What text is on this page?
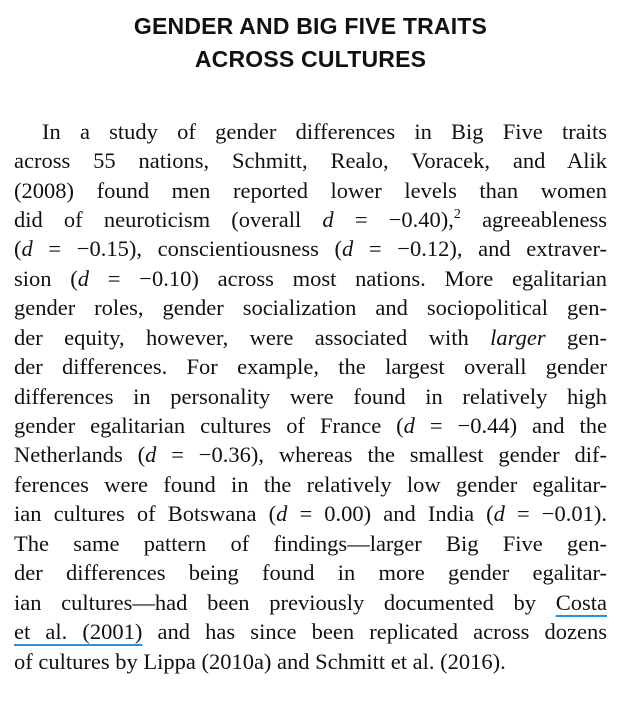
GENDER AND BIG FIVE TRAITS
ACROSS CULTURES
In a study of gender differences in Big Five traits
across 55 nations, Schmitt, Realo, Voracek, and Alik
(2008) found men reported lower levels than women
did of neuroticism (overall d = −0.40),$^2$ agreeableness
(d = −0.15), conscientiousness (d = −0.12), and extraver-
sion (d = −0.10) across most nations. More egalitarian
gender roles, gender socialization and sociopolitical gen-
der equity, however, were associated with larger gen-
der differences. For example, the largest overall gender
differences in personality were found in relatively high
gender egalitarian cultures of France (d = −0.44) and the
Netherlands (d = −0.36), whereas the smallest gender dif-
ferences were found in the relatively low gender egalitar-
ian cultures of Botswana (d = 0.00) and India (d = −0.01).
The same pattern of findings—larger Big Five gen-
der differences being found in more gender egalitar-
ian cultures—had been previously documented by Costa
et al. (2001) and has since been replicated across dozens
of cultures by Lippa (2010a) and Schmitt et al. (2016).
